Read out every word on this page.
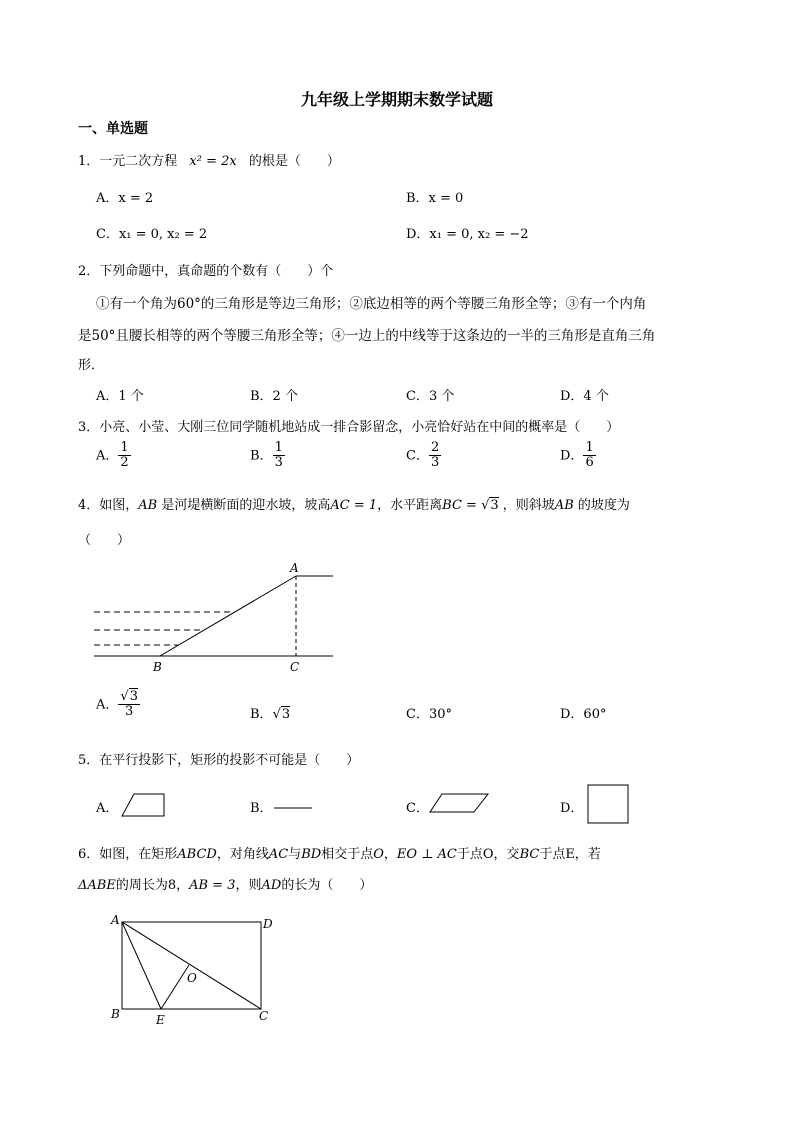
九年级上学期期末数学试题
一、单选题
1．一元二次方程 x² = 2x 的根是（　　）
A．x = 2	B．x = 0
C．x₁ = 0, x₂ = 2	D．x₁ = 0, x₂ = −2
2．下列命题中，真命题的个数有（　　）个
①有一个角为60°的三角形是等边三角形；②底边相等的两个等腰三角形全等；③有一个内角
是50°且腰长相等的两个等腰三角形全等；④一边上的中线等于这条边的一半的三角形是直角三角
形．
A．1 个	B．2 个	C．3 个	D．4 个
3．小亮、小莹、大刚三位同学随机地站成一排合影留念，小亮恰好站在中间的概率是（　　）
A． $\frac{1}{2}$	B． $\frac{1}{3}$	C． $\frac{2}{3}$	D． $\frac{1}{6}$
4．如图，AB 是河堤横断面的迎水坡，坡高AC = 1，水平距离BC = √3 ，则斜坡AB 的坡度为
（　　）
A
B	C
A． $\frac{√3}{3}$	B．√3	C．30°	D．60°
5．在平行投影下，矩形的投影不可能是（　　）
A．	B．	C．	D．
6．如图，在矩形ABCD，对角线AC与BD相交于点O，EO ⊥ AC于点O，交BC于点E，若
ΔABE的周长为8，AB = 3，则AD的长为（　　）
A	D
B	C
E
O
